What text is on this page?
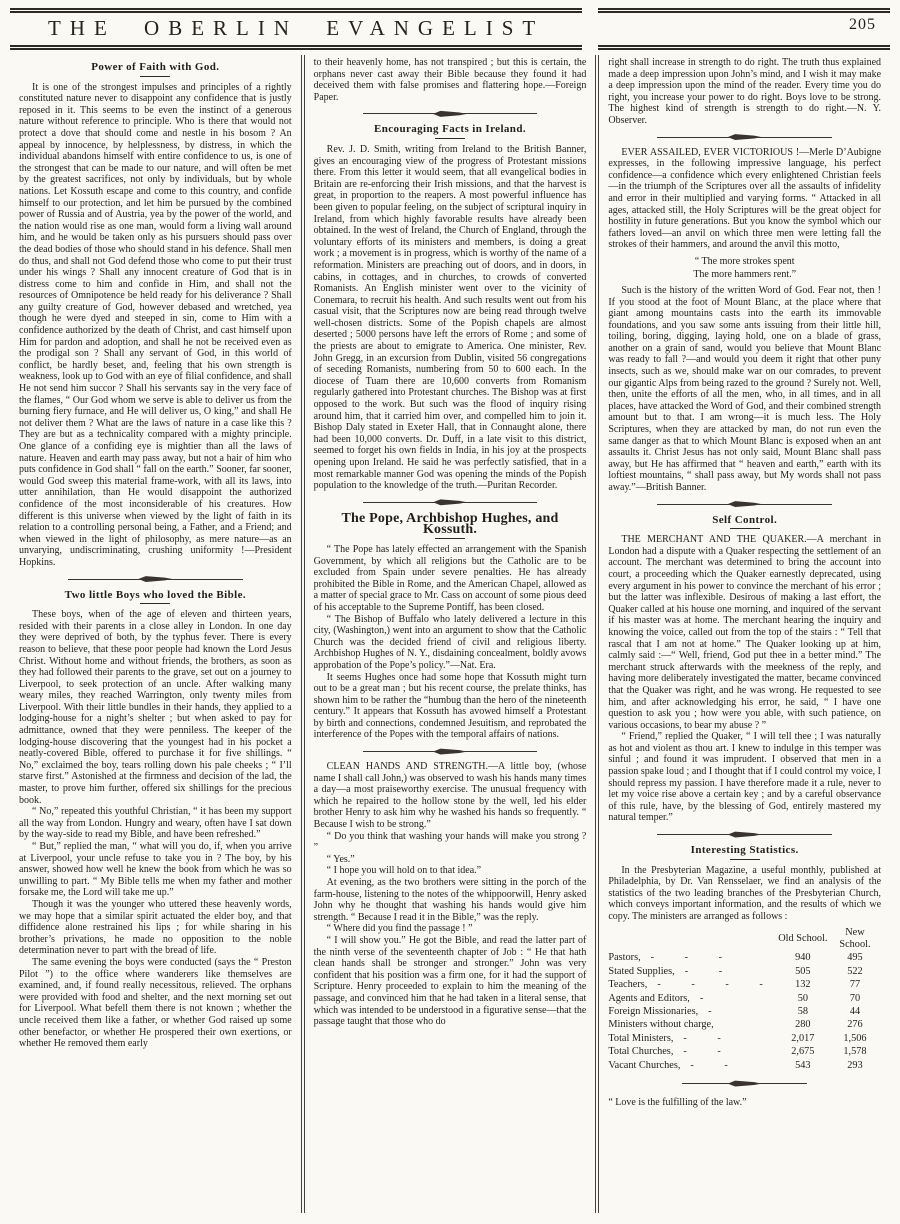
THE OBERLIN EVANGELIST	205
Power of Faith with God.

It is one of the strongest impulses and principles of a rightly constituted nature never to disappoint any confidence that is justly reposed in it. This seems to be even the instinct of a generous nature without reference to principle. Who is there that would not protect a dove that should come and nestle in his bosom ? An appeal by innocence, by helplessness, by distress, in which the individual abandons himself with entire confidence to us, is one of the strongest that can be made to our nature, and will often be met by the greatest sacrifices, not only by individuals, but by whole nations. Let Kossuth escape and come to this country, and confide himself to our protection, and let him be pursued by the combined power of Russia and of Austria, yea by the power of the world, and the nation would rise as one man, would form a living wall around him, and he would be taken only as his pursuers should pass over the dead bodies of those who should stand in his defence. Shall men do thus, and shall not God defend those who come to put their trust under his wings ? Shall any innocent creature of God that is in distress come to him and confide in Him, and shall not the resources of Omnipotence be held ready for his deliverance ? Shall any guilty creature of God, however debased and wretched, yea though he were dyed and steeped in sin, come to Him with a confidence authorized by the death of Christ, and cast himself upon Him for pardon and adoption, and shall he not be received even as the prodigal son ? Shall any servant of God, in this world of conflict, be hardly beset, and, feeling that his own strength is weakness, look up to God with an eye of filial confidence, and shall He not send him succor ? Shall his servants say in the very face of the flames, “ Our God whom we serve is able to deliver us from the burning fiery furnace, and He will deliver us, O king,” and shall He not deliver them ? What are the laws of nature in a case like this ? They are but as a technicality compared with a mighty principle. One glance of a confiding eye is mightier than all the laws of nature. Heaven and earth may pass away, but not a hair of him who puts confidence in God shall “ fall on the earth.” Sooner, far sooner, would God sweep this material frame-work, with all its laws, into utter annihilation, than He would disappoint the authorized confidence of the most inconsiderable of his creatures. How different is this universe when viewed by the light of faith in its relation to a controlling personal being, a Father, and a Friend; and when viewed in the light of philosophy, as mere nature—as an unvarying, undiscriminating, crushing uniformity !—President Hopkins.

Two little Boys who loved the Bible.

These boys, when of the age of eleven and thirteen years, resided with their parents in a close alley in London. In one day they were deprived of both, by the typhus fever. There is every reason to believe, that these poor people had known the Lord Jesus Christ. Without home and without friends, the brothers, as soon as they had followed their parents to the grave, set out on a journey to Liverpool, to seek protection of an uncle. After walking many weary miles, they reached Warrington, only twenty miles from Liverpool. With their little bundles in their hands, they applied to a lodging-house for a night’s shelter ; but when asked to pay for admittance, owned that they were penniless. The keeper of the lodging-house discovering that the youngest had in his pocket a neatly-covered Bible, offered to purchase it for five shillings. “ No,” exclaimed the boy, tears rolling down his pale cheeks ; “ I’ll starve first.” Astonished at the firmness and decision of the lad, the master, to prove him further, offered six shillings for the precious book.

“ No,” repeated this youthful Christian, “ it has been my support all the way from London. Hungry and weary, often have I sat down by the way-side to read my Bible, and have been refreshed.”

“ But,” replied the man, “ what will you do, if, when you arrive at Liverpool, your uncle refuse to take you in ? The boy, by his answer, showed how well he knew the book from which he was so unwilling to part. “ My Bible tells me when my father and mother forsake me, the Lord will take me up.”

Though it was the younger who uttered these heavenly words, we may hope that a similar spirit actuated the elder boy, and that diffidence alone restrained his lips ; for while sharing in his brother’s privations, he made no opposition to the noble determination never to part with the bread of life.

The same evening the boys were conducted (says the “ Preston Pilot ”) to the office where wanderers like themselves are examined, and, if found really necessitous, relieved. The orphans were provided with food and shelter, and the next morning set out for Liverpool. What befell them there is not known ; whether the uncle received them like a father, or whether God raised up some other benefactor, or whether He prospered their own exertions, or whether He removed them early

to their heavenly home, has not transpired ; but this is certain, the orphans never cast away their Bible because they found it had deceived them with false promises and flattering hope.—Foreign Paper.

Encouraging Facts in Ireland.

Rev. J. D. Smith, writing from Ireland to the British Banner, gives an encouraging view of the progress of Protestant missions there. From this letter it would seem, that all evangelical bodies in Britain are re-enforcing their Irish missions, and that the harvest is great, in proportion to the reapers. A most powerful influence has been given to popular feeling, on the subject of scriptural inquiry in Ireland, from which highly favorable results have already been obtained. In the west of Ireland, the Church of England, through the voluntary efforts of its ministers and members, is doing a great work ; a movement is in progress, which is worthy of the name of a reformation. Ministers are preaching out of doors, and in doors, in cabins, in cottages, and in churches, to crowds of converted Romanists. An English minister went over to the vicinity of Conemara, to recruit his health. And such results went out from his casual visit, that the Scriptures now are being read through twelve well-chosen districts. Some of the Popish chapels are almost deserted ; 5000 persons have left the errors of Rome ; and some of the priests are about to emigrate to America. One minister, Rev. John Gregg, in an excursion from Dublin, visited 56 congregations of seceding Romanists, numbering from 50 to 600 each. In the diocese of Tuam there are 10,600 converts from Romanism regularly gathered into Protestant churches. The Bishop was at first opposed to the work. But such was the flood of inquiry rising around him, that it carried him over, and compelled him to join it. Bishop Daly stated in Exeter Hall, that in Connaught alone, there had been 10,000 converts. Dr. Duff, in a late visit to this district, seemed to forget his own fields in India, in his joy at the prospects opening upon Ireland. He said he was perfectly satisfied, that in a most remarkable manner God was opening the minds of the Popish population to the knowledge of the truth.—Puritan Recorder.

The Pope, Archbishop Hughes, and Kossuth.

“ The Pope has lately effected an arrangement with the Spanish Government, by which all religions but the Catholic are to be excluded from Spain under severe penalties. He has already prohibited the Bible in Rome, and the American Chapel, allowed as a matter of special grace to Mr. Cass on account of some pious deed of his acceptable to the Supreme Pontiff, has been closed.

“ The Bishop of Buffalo who lately delivered a lecture in this city, (Washington,) went into an argument to show that the Catholic Church was the decided friend of civil and religious liberty. Archbishop Hughes of N. Y., disdaining concealment, boldly avows approbation of the Pope’s policy.”—Nat. Era.

It seems Hughes once had some hope that Kossuth might turn out to be a great man ; but his recent course, the prelate thinks, has shown him to be rather the “humbug than the hero of the nineteenth century.” It appears that Kossuth has avowed himself a Protestant by birth and connections, condemned Jesuitism, and reprobated the interference of the Popes with the temporal affairs of nations.

CLEAN HANDS AND STRENGTH.—A little boy, (whose name I shall call John,) was observed to wash his hands many times a day—a most praiseworthy exercise. The unusual frequency with which he repaired to the hollow stone by the well, led his elder brother Henry to ask him why he washed his hands so frequently. “ Because I wish to be strong.”

“ Do you think that washing your hands will make you strong ? ”

“ Yes.”

“ I hope you will hold on to that idea.”

At evening, as the two brothers were sitting in the porch of the farm-house, listening to the notes of the whippoorwill, Henry asked John why he thought that washing his hands would give him strength. “ Because I read it in the Bible,” was the reply.

“ Where did you find the passage ! ”

“ I will show you.” He got the Bible, and read the latter part of the ninth verse of the seventeenth chapter of Job : “ He that hath clean hands shall be stronger and stronger.” John was very confident that his position was a firm one, for it had the support of Scripture. Henry proceeded to explain to him the meaning of the passage, and convinced him that he had taken in a literal sense, that which was intended to be understood in a figurative sense—that the passage taught that those who do

right shall increase in strength to do right. The truth thus explained made a deep impression upon John’s mind, and I wish it may make a deep impression upon the mind of the reader. Every time you do right, you increase your power to do right. Boys love to be strong. The highest kind of strength is strength to do right.—N. Y. Observer.

EVER ASSAILED, EVER VICTORIOUS !—Merle D’Aubigne expresses, in the following impressive language, his perfect confidence—a confidence which every enlightened Christian feels—in the triumph of the Scriptures over all the assaults of infidelity and error in their multiplied and varying forms. “ Attacked in all ages, attacked still, the Holy Scriptures will be the great object for hostility in future generations. But you know the symbol which our fathers loved—an anvil on which three men were letting fall the strokes of their hammers, and around the anvil this motto,

“ The more strokes spent
The more hammers rent.”

Such is the history of the written Word of God. Fear not, then ! If you stood at the foot of Mount Blanc, at the place where that giant among mountains casts into the earth its immovable foundations, and you saw some ants issuing from their little hill, toiling, boring, digging, laying hold, one on a blade of grass, another on a grain of sand, would you believe that Mount Blanc was ready to fall ?—and would you deem it right that other puny insects, such as we, should make war on our comrades, to prevent our gigantic Alps from being razed to the ground ? Surely not. Well, then, unite the efforts of all the men, who, in all times, and in all places, have attacked the Word of God, and their combined strength amount but to that. I am wrong—it is much less. The Holy Scriptures, when they are attacked by man, do not run even the same danger as that to which Mount Blanc is exposed when an ant assaults it. Christ Jesus has not only said, Mount Blanc shall pass away, but He has affirmed that “ heaven and earth,” earth with its loftiest mountains, “ shall pass away, but My words shall not pass away.”—British Banner.

Self Control.

THE MERCHANT AND THE QUAKER.—A merchant in London had a dispute with a Quaker respecting the settlement of an account. The merchant was determined to bring the account into court, a proceeding which the Quaker earnestly deprecated, using every argument in his power to convince the merchant of his error ; but the latter was inflexible. Desirous of making a last effort, the Quaker called at his house one morning, and inquired of the servant if his master was at home. The merchant hearing the inquiry and knowing the voice, called out from the top of the stairs : “ Tell that rascal that I am not at home.” The Quaker looking up at him, calmly said :—“ Well, friend, God put thee in a better mind.” The merchant struck afterwards with the meekness of the reply, and having more deliberately investigated the matter, became convinced that the Quaker was right, and he was wrong. He requested to see him, and after acknowledging his error, he said, “ I have one question to ask you ; how were you able, with such patience, on various occasions, to bear my abuse ? ”

“ Friend,” replied the Quaker, “ I will tell thee ; I was naturally as hot and violent as thou art. I knew to indulge in this temper was sinful ; and found it was imprudent. I observed that men in a passion spake loud ; and I thought that if I could control my voice, I should repress my passion. I have therefore made it a rule, never to let my voice rise above a certain key ; and by a careful observance of this rule, have, by the blessing of God, entirely mastered my natural temper.”

Interesting Statistics.

In the Presbyterian Magazine, a useful monthly, published at Philadelphia, by Dr. Van Rensselaer, we find an analysis of the statistics of the two leading branches of the Presbyterian Church, which conveys important information, and the results of which we copy. The ministers are arranged as follows :

	Old School.	New School.
Pastors, - - -	940	495
Stated Supplies, - -	505	522
Teachers, - - - -	132	77
Agents and Editors, -	50	70
Foreign Missionaries, -	58	44
Ministers without charge,	280	276
Total Ministers, - -	2,017	1,506
Total Churches, - -	2,675	1,578
Vacant Churches, - -	543	293

“ Love is the fulfilling of the law.”
